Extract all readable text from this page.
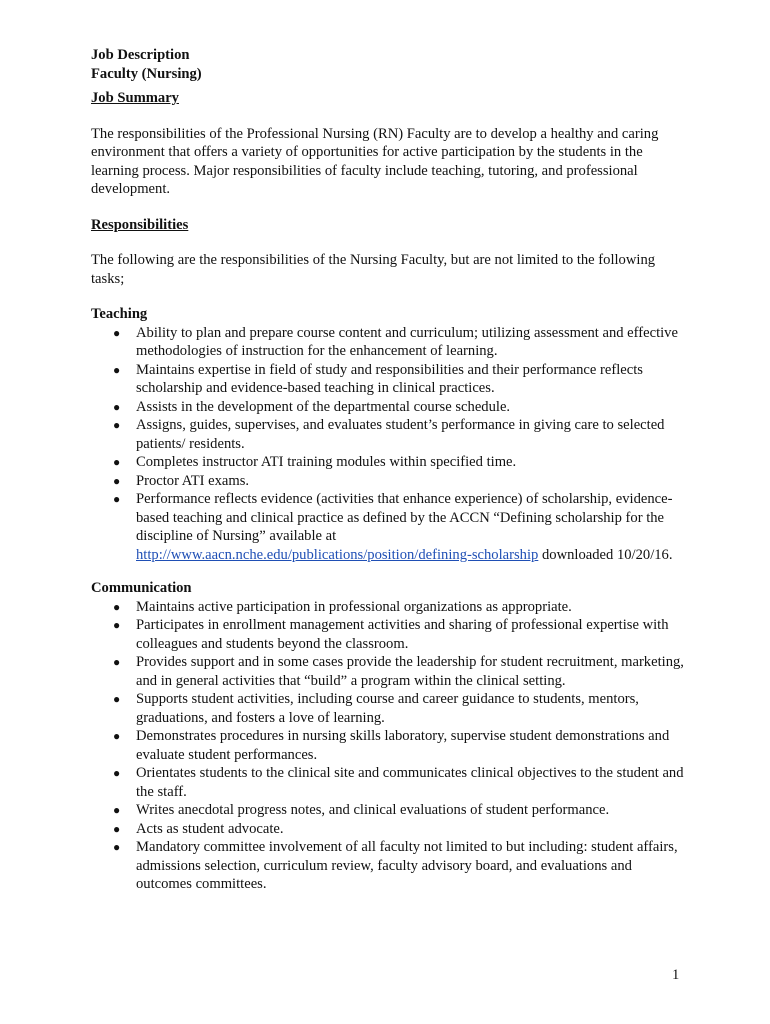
Job Description

Faculty (Nursing)

Job Summary

The responsibilities of the Professional Nursing (RN) Faculty are to develop a healthy and caring environment that offers a variety of opportunities for active participation by the students in the learning process. Major responsibilities of faculty include teaching, tutoring, and professional development.

Responsibilities

The following are the responsibilities of the Nursing Faculty, but are not limited to the following tasks;

Teaching

● Ability to plan and prepare course content and curriculum; utilizing assessment and effective methodologies of instruction for the enhancement of learning.
● Maintains expertise in field of study and responsibilities and their performance reflects scholarship and evidence-based teaching in clinical practices.
● Assists in the development of the departmental course schedule.
● Assigns, guides, supervises, and evaluates student’s performance in giving care to selected patients/ residents.
● Completes instructor ATI training modules within specified time.
● Proctor ATI exams.
● Performance reflects evidence (activities that enhance experience) of scholarship, evidence-based teaching and clinical practice as defined by the ACCN “Defining scholarship for the discipline of Nursing” available at
http://www.aacn.nche.edu/publications/position/defining-scholarship downloaded 10/20/16.

Communication

● Maintains active participation in professional organizations as appropriate.
● Participates in enrollment management activities and sharing of professional expertise with colleagues and students beyond the classroom.
● Provides support and in some cases provide the leadership for student recruitment, marketing, and in general activities that “build” a program within the clinical setting.
● Supports student activities, including course and career guidance to students, mentors, graduations, and fosters a love of learning.
● Demonstrates procedures in nursing skills laboratory, supervise student demonstrations and evaluate student performances.
● Orientates students to the clinical site and communicates clinical objectives to the student and the staff.
● Writes anecdotal progress notes, and clinical evaluations of student performance.
● Acts as student advocate.
● Mandatory committee involvement of all faculty not limited to but including: student affairs, admissions selection, curriculum review, faculty advisory board, and evaluations and outcomes committees.
1
